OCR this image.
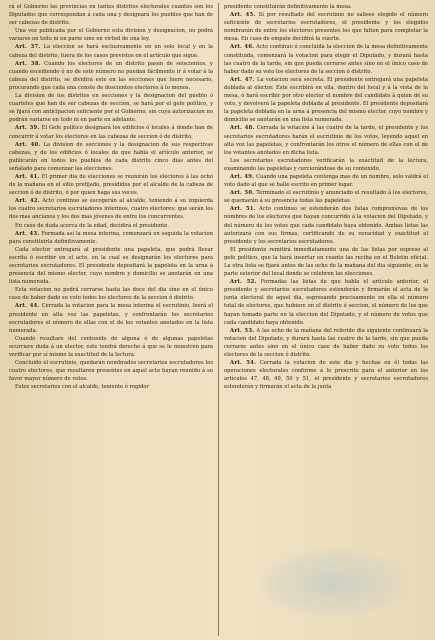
rá el Gobierno las provincias en tantos distritos electorales cuantos son los Diputados que correspondan á cada una y designará los pueblos que han de ser cabezas de distrito.

Una vez publicada por el Gobierno esta division y designacion, no podrá variarse en todo ni en parte sino en virtud de una ley.

Art. 37. La eleccion se hará esclusivamente en un solo local y en la cabeza del distrito, fuera de los casos previstos en el artículo que sigue.

Art. 38. Cuando los electores de un distrito pasen de seiscientos, y cuando escediendo ó no de este número no puedan fácilmente ir á votar á la cabeza del distrito, se dividirá este en las secciones que fuere necesario, procurando que cada una conste de doscientos electores á lo menos.

La division de los distritos en secciones y la designacion del pueblo ó cuarteles que han de ser cabezas de seccion, se hará por el gefe político, y se fijará con anticipacion suficiente por el Gobierno, sin cuya autorizacion no podrán variarse en todo ni en parte en adelante.

Art. 39. El Gefe político designará los edificios ó locales á donde han de concurrir á votar los electores en las cabezas de seccion ó de distrito.

Art. 40. La division de secciones y la designacion de sus respectivas cabezas, y de los edificios ó locales de que habla el artículo anterior, se publicarán en todos los pueblos de cada distrito cinco dias antes del señalado para comenzar las elecciones.

Art. 41. El primer dia de elecciones se reunirán los electores á las ocho de la mañana en el sitio prefijado, presididos por el alcalde de la cabeza de seccion ó de distrito, ó por quien haga sus veces.

Art. 42. Acto continuo se escogerán al alcalde, teniendo á su izquierda los cuatro secretarios escrutadores interinos, cuatro electores; que serán los dos mas ancianos y los dos mas jóvenes de entre los concurrentes.

En caso de duda acerca de la edad, decidirá el presidente.

Art. 43. Formada así la mesa interina, comenzará en seguida la votacion para constituirla definitivamente.

Cada elector entregará al presidente una papeleta, que podrá llevar escrita ó escribir en el acto, en la cual se designarán los electores para secretarios escrutadores. El presidente depositará la papeleta en la urna á presencia del mismo elector, cuyo nombre y domicilio se anotarán en una lista numerada.

Esta votacion no podrá cerrarse hasta las doce del dia sino en el único caso de haber dado su voto todos los electores de la seccion ó distrito.

Art. 44. Cerrada la votacion para la mesa interina el escrutinio, leerá el presidente en alta voz las papeletas, y confrontarán los secretarios escrutadores el número de ellas con el de los votantes anotados en la lista numerada.

Cuando resultare del contenido de alguna ó de algunas papeletas ocurriere duda á un elector, este tendrá derecho á que se le muestren para verificar por sí mismo la exactitud de la lectura.

Concluido el escrutinio, quedarán nombrados secretarios escrutadores los cuatro electores, que resultaren presentes en aquel acto hayan reunido á su favor mayor número de votos.

Estos secretarios con el alcalde, teniente ó regidor

presidente constituirán definitivamente la mesa.

Art. 45. Si por resultado del escrutinio no saliese elegido el número suficiente de secretarios escrutadores, el presidente y los elegidos nombrarán de entre los electores presentes los que falten para completar la mesa. En caso de empate decidirá la suerte.

Art. 46. Acto continuo ó concluida la eleccion de la mesa definitivamente constituida, comenzará la votacion para elegir el Diputado, y durará hasta las cuatro de la tarde, sin que pueda cerrarse antes sino en el único caso de haber dado su voto los electores de la seccion ó distrito.

Art. 47. La votacion será secreta. El presidente entregará una papeleta doblada al elector. Este escribirá en ella, dentro del local y á la vista de la mesa, ó hará escribir por otro elector el nombre del candidato á quien dé su voto, y devolverá la papeleta doblada al presidente. El presidente depositará la papeleta doblada en la urna á presencia del mismo elector, cuyo nombre y domicilio se anotarán en una lista numerada.

Art. 48. Cerrada la votacion á las cuatro de la tarde, el presidente y los secretarios escrutadores harán el escrutinio de los votos, leyendo aquel en alta voz las papeletas, y confrontarán los otros el número de ellas con el de los votantes anotados en dicha lista.

Los secretarios escrutadores verificarán la exactitud de la lectura, examinando las papeletas y cerciorándose de su contenido.

Art. 49. Cuando una papeleta contenga mas de un nombre, solo valdrá el voto dado al que se halle escrito en primer lugar.

Art. 50. Terminado el escrutinio y anunciado el resultado á los electores, se quemarán á su presencia todas las papeletas.

Art. 51. Acto continuo se estenderán dos listas comprensivas de los nombres de los electores que hayan concurrido á la votacion del Diputado, y del número de los votos que cada candidato haya obtenido. Ambas listas las autorizará con sus firmas, certificando de su veracidad y exactitud el presidente y los secretarios escrutadores.

El presidente remitirá inmediatamente una de las listas por espreso al gefe político, que la hará insertar en cuanto las reciba en el Boletin oficial. La otra lista se fijará antes de las ocho de la mañana del dia siguiente, en la parte esterior del local donde se celebren las elecciones.

Art. 52. Formadas las listas de que habla el artículo anterior, el presidente y secretarios escrutadores estenderán y firmarán el acta de la junta electoral de aquel dia, espresando precisamente en ella el número total de electores, que hubiere en el distrito ó seccion, el número de los que hayan tomado parte en la eleccion del Diputado, y el número de votos que cada candidato haya obtenido.

Art. 53. A las ocho de la mañana del referido dia siguiente continuará la votacion del Diputado, y durará hasta las cuatro de la tarde, sin que pueda cerrarse antes sino en el único caso de haber dado su voto todos los electores de la seccion ó distrito.

Art. 54. Cerrada la votacion de este dia y hechas en él todas las operaciones electorales conforme á lo prescrito para el anterior en los artículos 47, 48, 49, 50 y 51, el presidente y secretarios escrutadores estenderán y firmarán el acta de la junta
